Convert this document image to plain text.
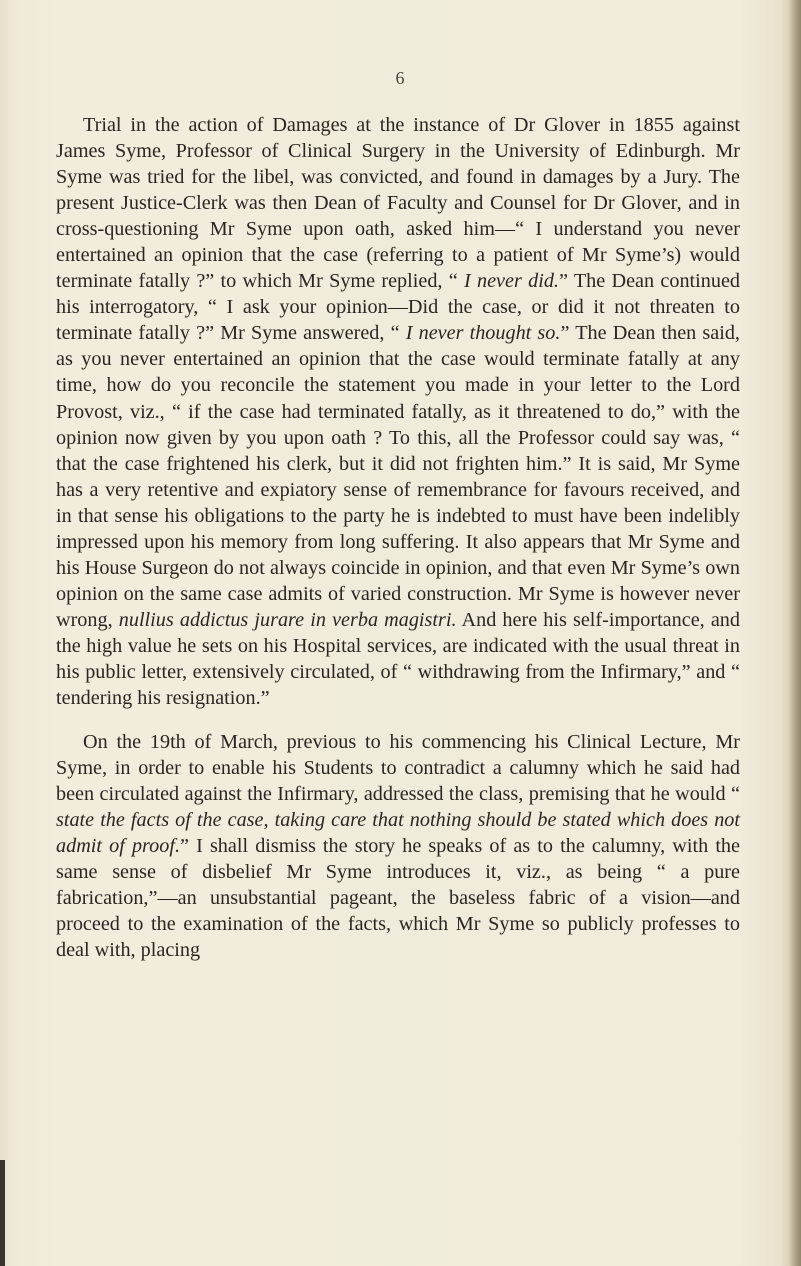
6

Trial in the action of Damages at the instance of Dr Glover in 1855 against James Syme, Professor of Clinical Surgery in the University of Edinburgh. Mr Syme was tried for the libel, was convicted, and found in damages by a Jury. The present Justice-Clerk was then Dean of Faculty and Counsel for Dr Glover, and in cross-questioning Mr Syme upon oath, asked him—“ I understand you never entertained an opinion that the case (referring to a patient of Mr Syme’s) would terminate fatally ?” to which Mr Syme replied, “ I never did.” The Dean continued his interrogatory, “ I ask your opinion—Did the case, or did it not threaten to terminate fatally ?” Mr Syme answered, “ I never thought so.” The Dean then said, as you never entertained an opinion that the case would terminate fatally at any time, how do you reconcile the statement you made in your letter to the Lord Provost, viz., “ if the case had terminated fatally, as it threatened to do,” with the opinion now given by you upon oath ? To this, all the Professor could say was, “ that the case frightened his clerk, but it did not frighten him.” It is said, Mr Syme has a very retentive and expiatory sense of remembrance for favours received, and in that sense his obligations to the party he is indebted to must have been indelibly impressed upon his memory from long suffering. It also appears that Mr Syme and his House Surgeon do not always coincide in opinion, and that even Mr Syme’s own opinion on the same case admits of varied construction. Mr Syme is however never wrong, nullius addictus jurare in verba magistri. And here his self-importance, and the high value he sets on his Hospital services, are indicated with the usual threat in his public letter, extensively circulated, of “ withdrawing from the Infirmary,” and “ tendering his resignation.”

On the 19th of March, previous to his commencing his Clinical Lecture, Mr Syme, in order to enable his Students to contradict a calumny which he said had been circulated against the Infirmary, addressed the class, premising that he would “ state the facts of the case, taking care that nothing should be stated which does not admit of proof.” I shall dismiss the story he speaks of as to the calumny, with the same sense of disbelief Mr Syme introduces it, viz., as being “ a pure fabrication,”—an unsubstantial pageant, the baseless fabric of a vision—and proceed to the examination of the facts, which Mr Syme so publicly professes to deal with, placing
